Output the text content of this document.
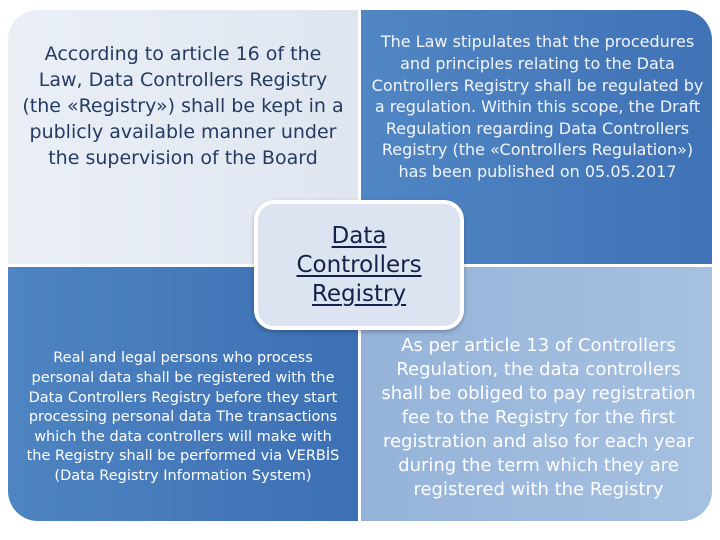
According to article 16 of the Law, Data Controllers Registry (the «Registry») shall be kept in a publicly available manner under the supervision of the Board
The Law stipulates that the procedures and principles relating to the Data Controllers Registry shall be regulated by a regulation. Within this scope, the Draft Regulation regarding Data Controllers Registry (the «Controllers Regulation») has been published on 05.05.2017
Real and legal persons who process personal data shall be registered with the Data Controllers Registry before they start processing personal data The transactions which the data controllers will make with the Registry shall be performed via VERBİS (Data Registry Information System)
As per article 13 of Controllers Regulation, the data controllers shall be obliged to pay registration fee to the Registry for the first registration and also for each year during the term which they are registered with the Registry
Data
Controllers
Registry
